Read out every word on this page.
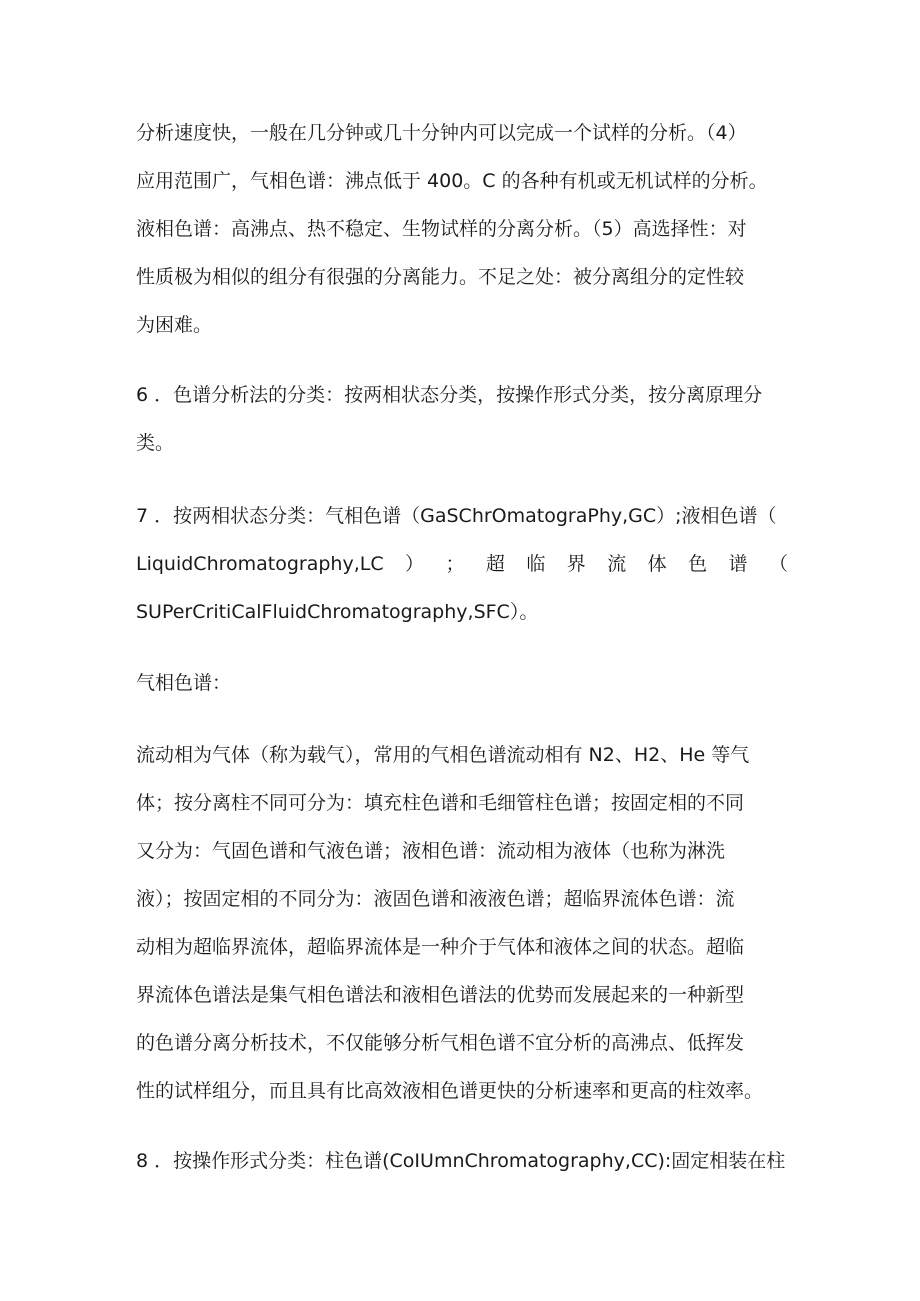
分析速度快，一般在几分钟或几十分钟内可以完成一个试样的分析。（4）
应用范围广，气相色谱：沸点低于 400。C 的各种有机或无机试样的分析。
液相色谱：高沸点、热不稳定、生物试样的分离分析。（5）高选择性：对
性质极为相似的组分有很强的分离能力。不足之处：被分离组分的定性较
为困难。
6 ．色谱分析法的分类：按两相状态分类，按操作形式分类，按分离原理分
类。
7 ．按两相状态分类：气相色谱（GaSChrOmatograPhy,GC）;液相色谱（
LiquidChromatography,LC ） ； 超 临 界 流 体 色 谱 （
SUPerCritiCalFluidChromatography,SFC）。
气相色谱：
流动相为气体（称为载气），常用的气相色谱流动相有 N2、H2、He 等气
体；按分离柱不同可分为：填充柱色谱和毛细管柱色谱；按固定相的不同
又分为：气固色谱和气液色谱；液相色谱：流动相为液体（也称为淋洗
液）；按固定相的不同分为：液固色谱和液液色谱；超临界流体色谱：流
动相为超临界流体，超临界流体是一种介于气体和液体之间的状态。超临
界流体色谱法是集气相色谱法和液相色谱法的优势而发展起来的一种新型
的色谱分离分析技术，不仅能够分析气相色谱不宜分析的高沸点、低挥发
性的试样组分，而且具有比高效液相色谱更快的分析速率和更高的柱效率。
8 ．按操作形式分类：柱色谱(CoIUmnChromatography,CC):固定相装在柱
